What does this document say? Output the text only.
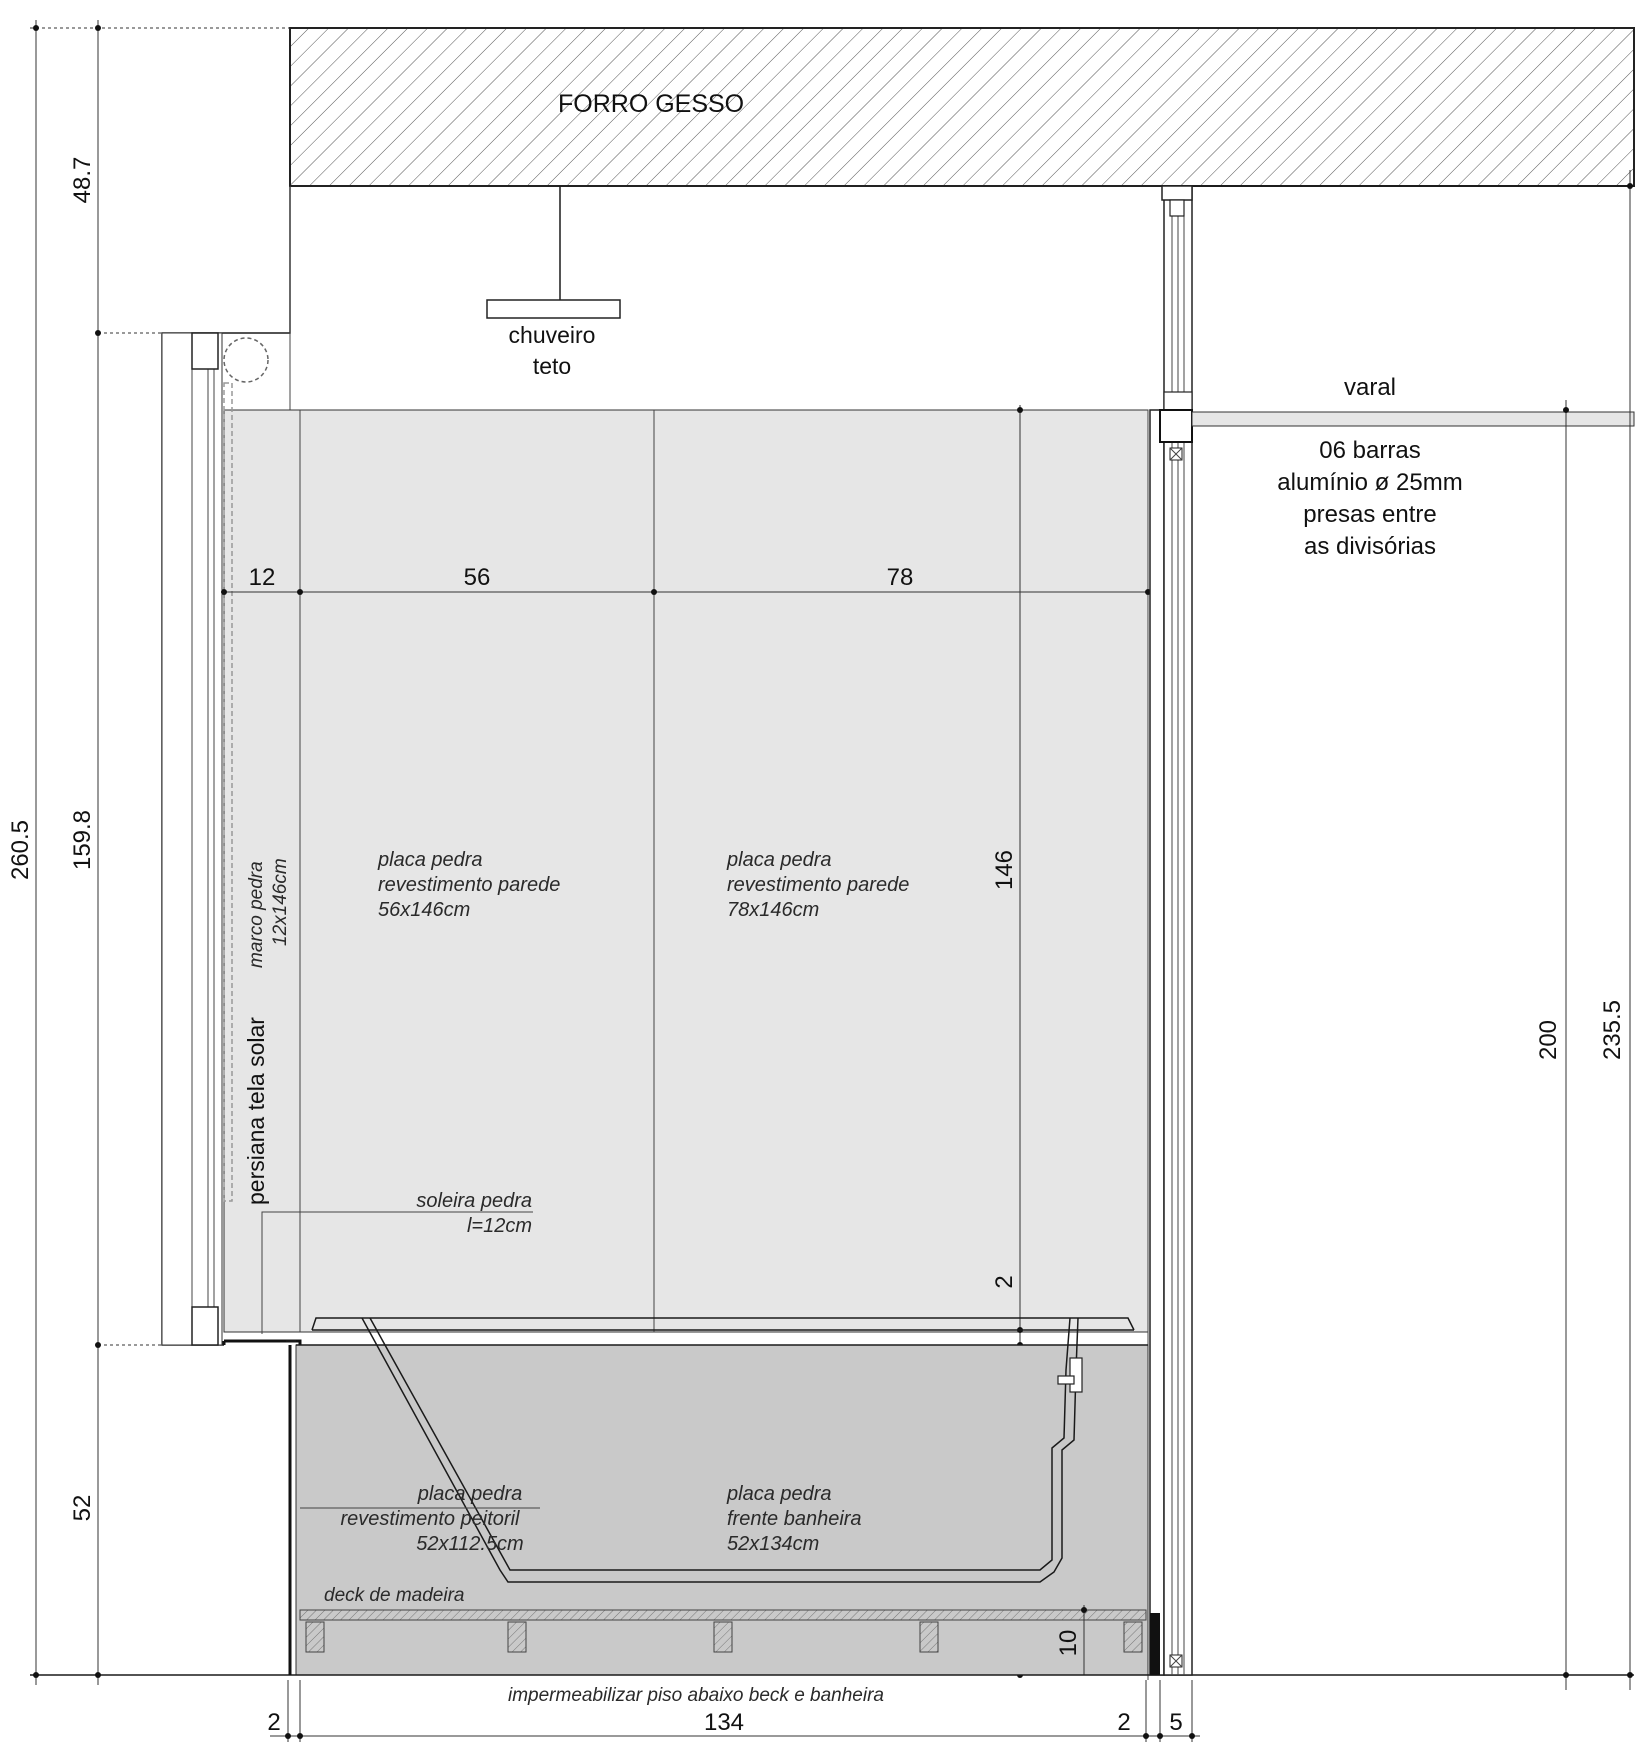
FORRO GESSO
chuveiro
teto
persiana tela solar
marco pedra 12x146cm
12	56	78
placa pedra
revestimento parede
56x146cm
placa pedra
revestimento parede
78x146cm
146
2
soleira pedra
l=12cm
placa pedra
revestimento peitoril
52x112.5cm
placa pedra
frente banheira
52x134cm
deck de madeira
10
impermeabilizar piso abaixo beck e banheira
varal
06 barras
alumínio ø 25mm
presas entre
as divisórias
200 235.5
260.5
48.7
159.8
52
2	134	2 5
